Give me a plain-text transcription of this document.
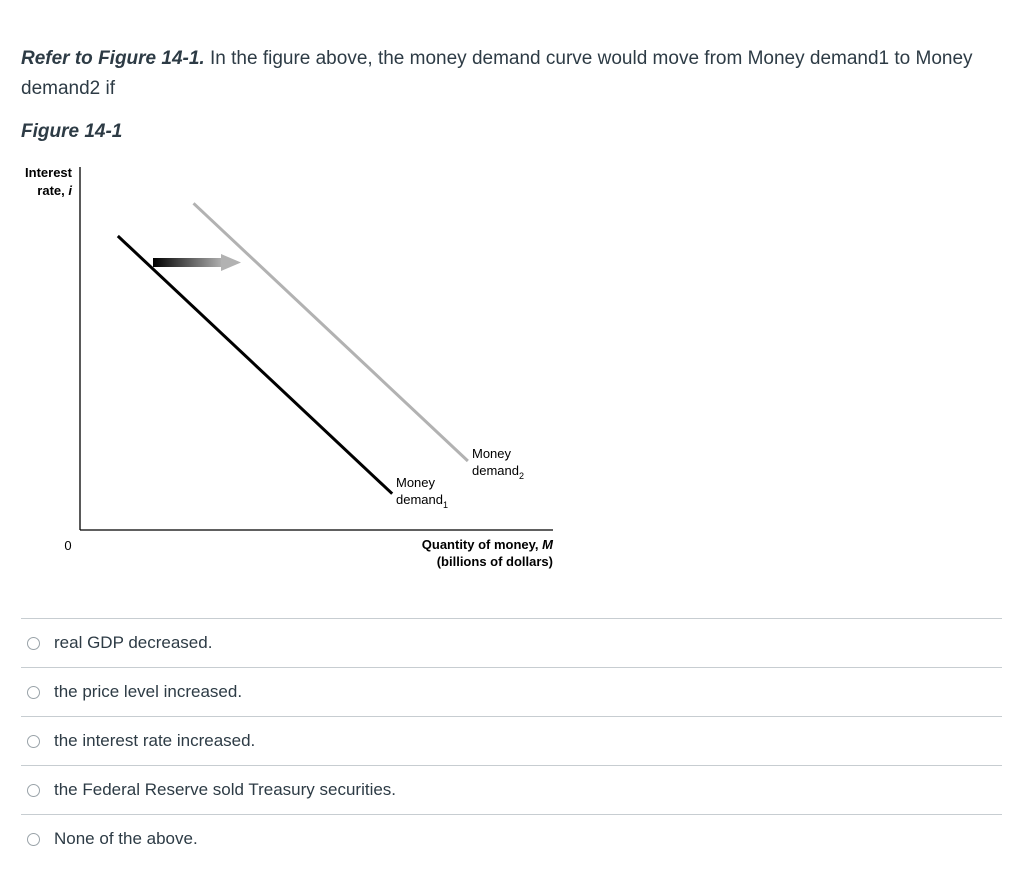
Refer to Figure 14-1. In the figure above, the money demand curve would move from Money demand1 to Money demand2 if
Figure 14-1
Interest
rate, i
0	Quantity of money, M
(billions of dollars)
Money
demand$_1$
Money
demand$_2$
real GDP decreased.
the price level increased.
the interest rate increased.
the Federal Reserve sold Treasury securities.
None of the above.
